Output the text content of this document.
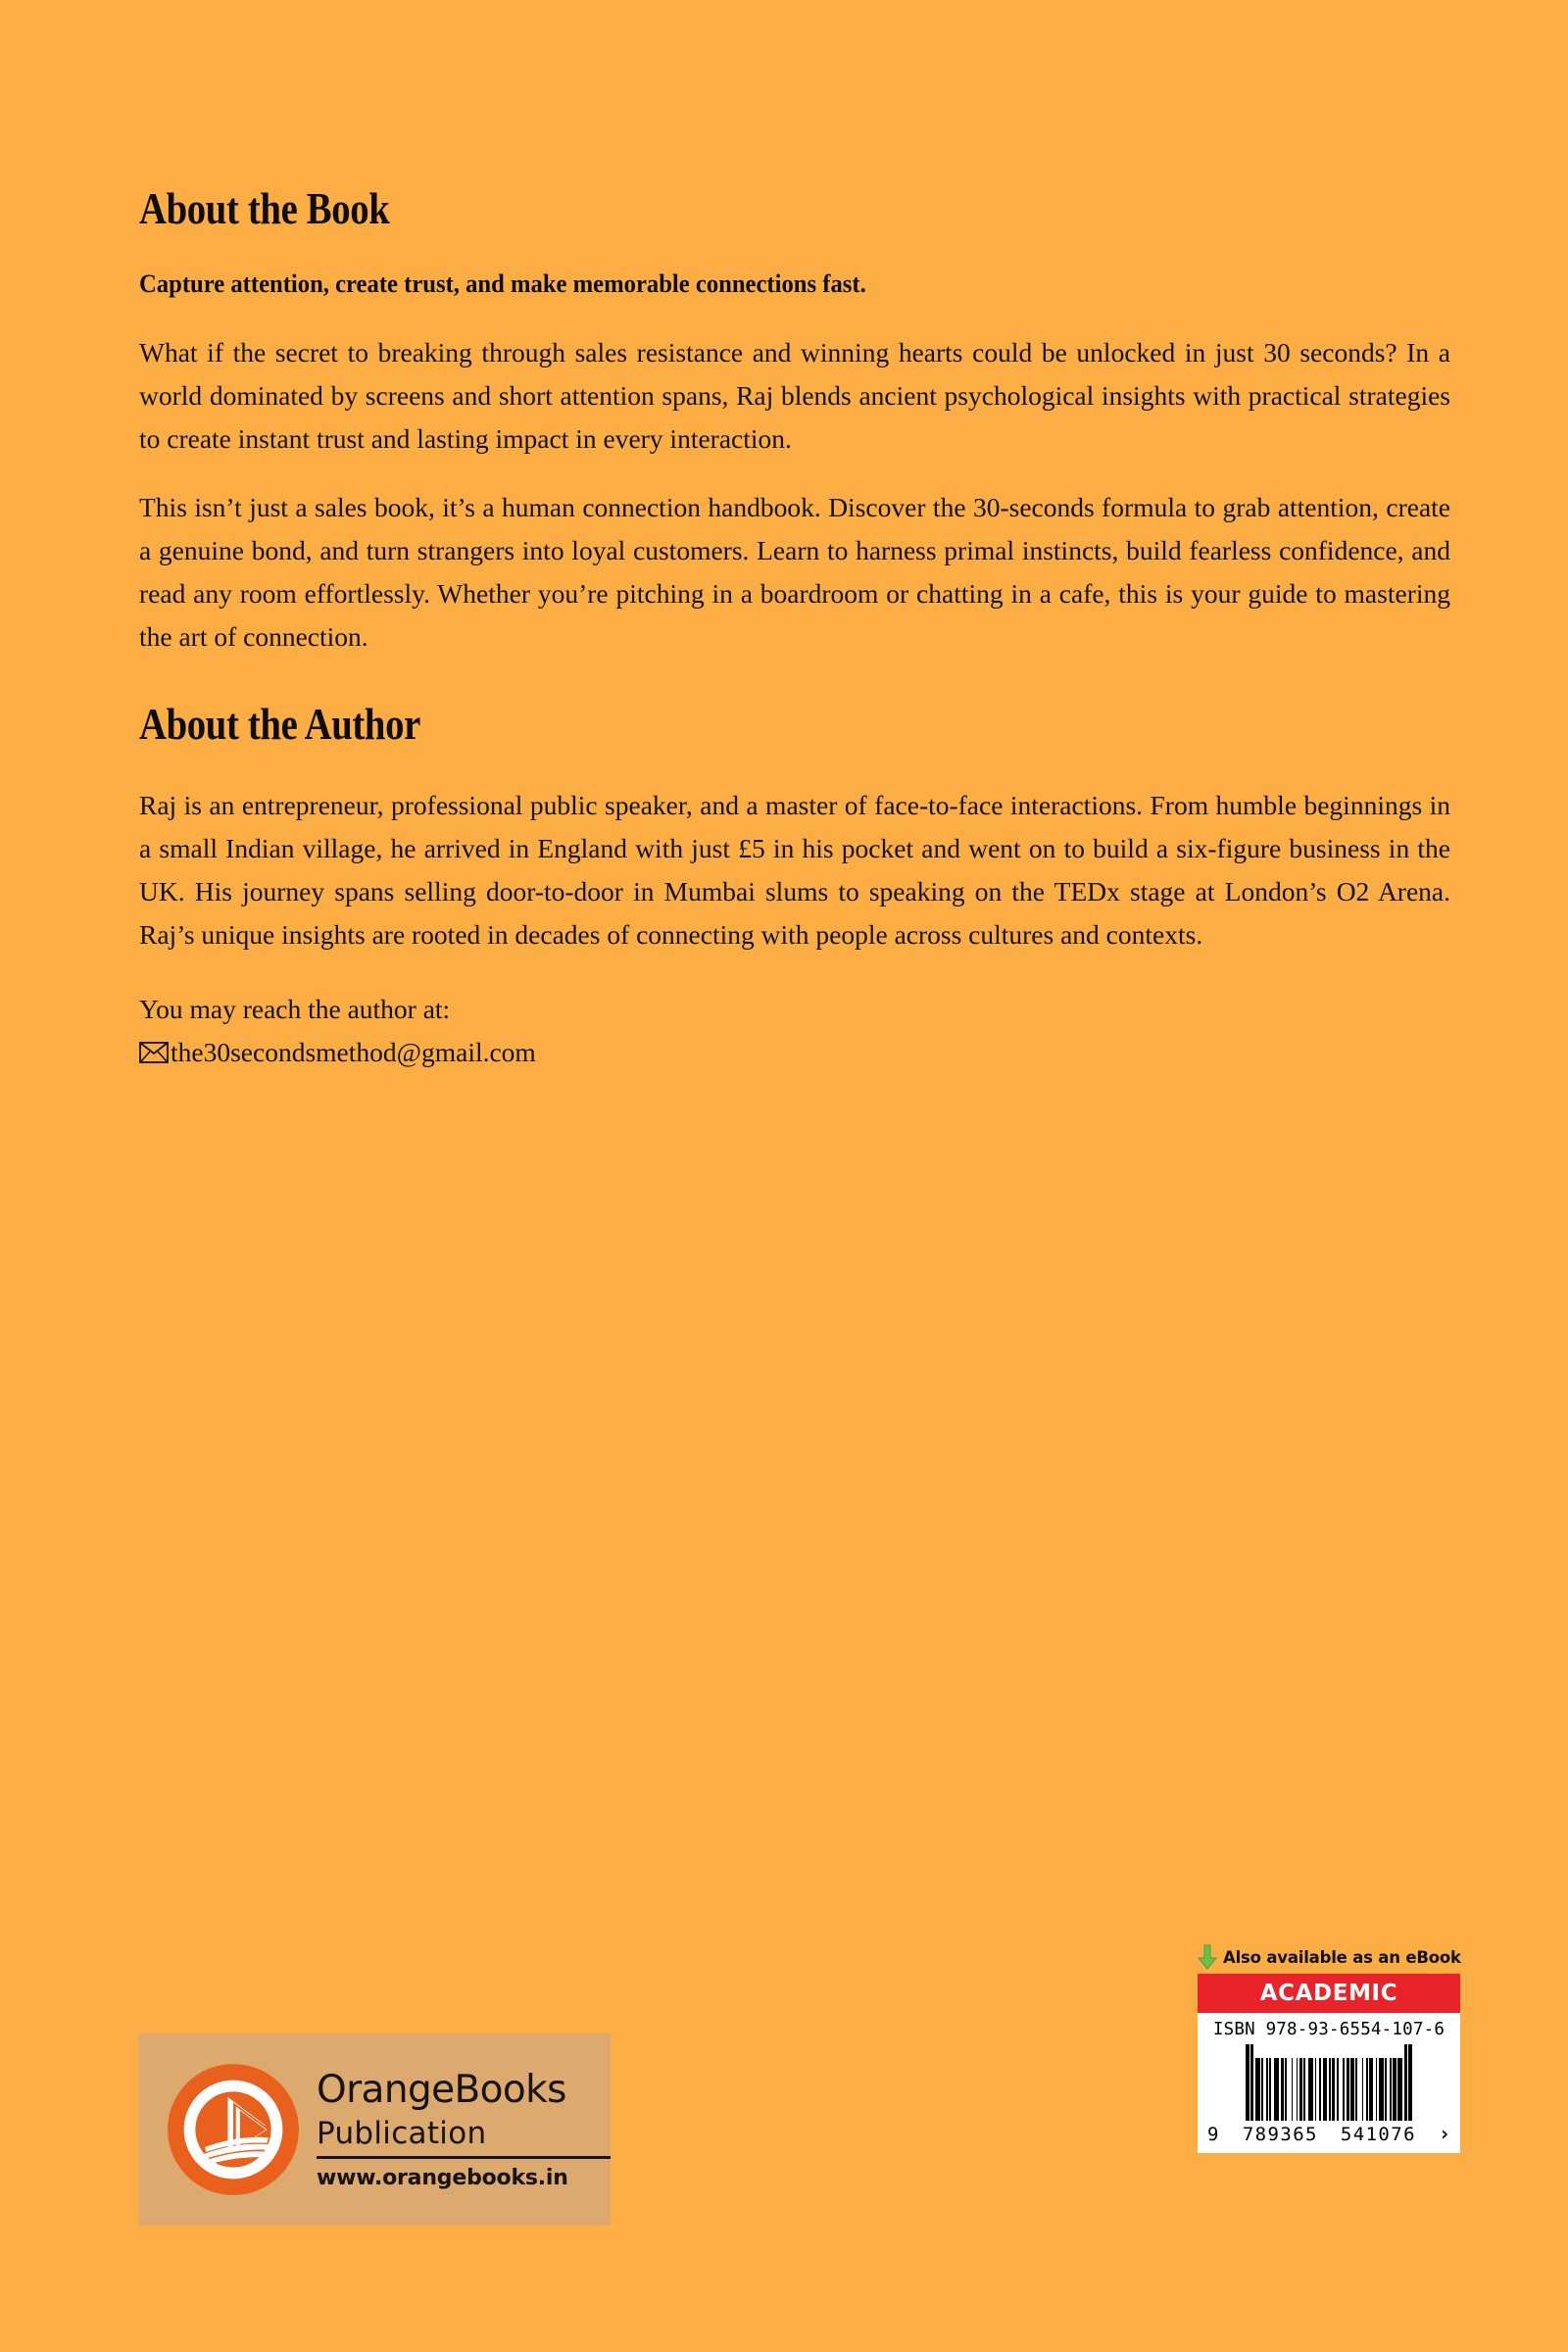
About the Book

Capture attention, create trust, and make memorable connections fast.

What if the secret to breaking through sales resistance and winning hearts could be unlocked in just 30 seconds? In a world dominated by screens and short attention spans, Raj blends ancient psychological insights with practical strategies to create instant trust and lasting impact in every interaction.

This isn’t just a sales book, it’s a human connection handbook. Discover the 30-seconds formula to grab attention, create a genuine bond, and turn strangers into loyal customers. Learn to harness primal instincts, build fearless confidence, and read any room effortlessly. Whether you’re pitching in a boardroom or chatting in a cafe, this is your guide to mastering the art of connection.

About the Author

Raj is an entrepreneur, professional public speaker, and a master of face-to-face interactions. From humble beginnings in a small Indian village, he arrived in England with just £5 in his pocket and went on to build a six-figure business in the UK. His journey spans selling door-to-door in Mumbai slums to speaking on the TEDx stage at London’s O2 Arena. Raj’s unique insights are rooted in decades of connecting with people across cultures and contexts.

You may reach the author at:
the30secondsmethod@gmail.com
OrangeBooks
Publication
www.orangebooks.in
Also available as an eBook
ACADEMIC
ISBN 978-93-6554-107-6
9 789365 541076 ›
